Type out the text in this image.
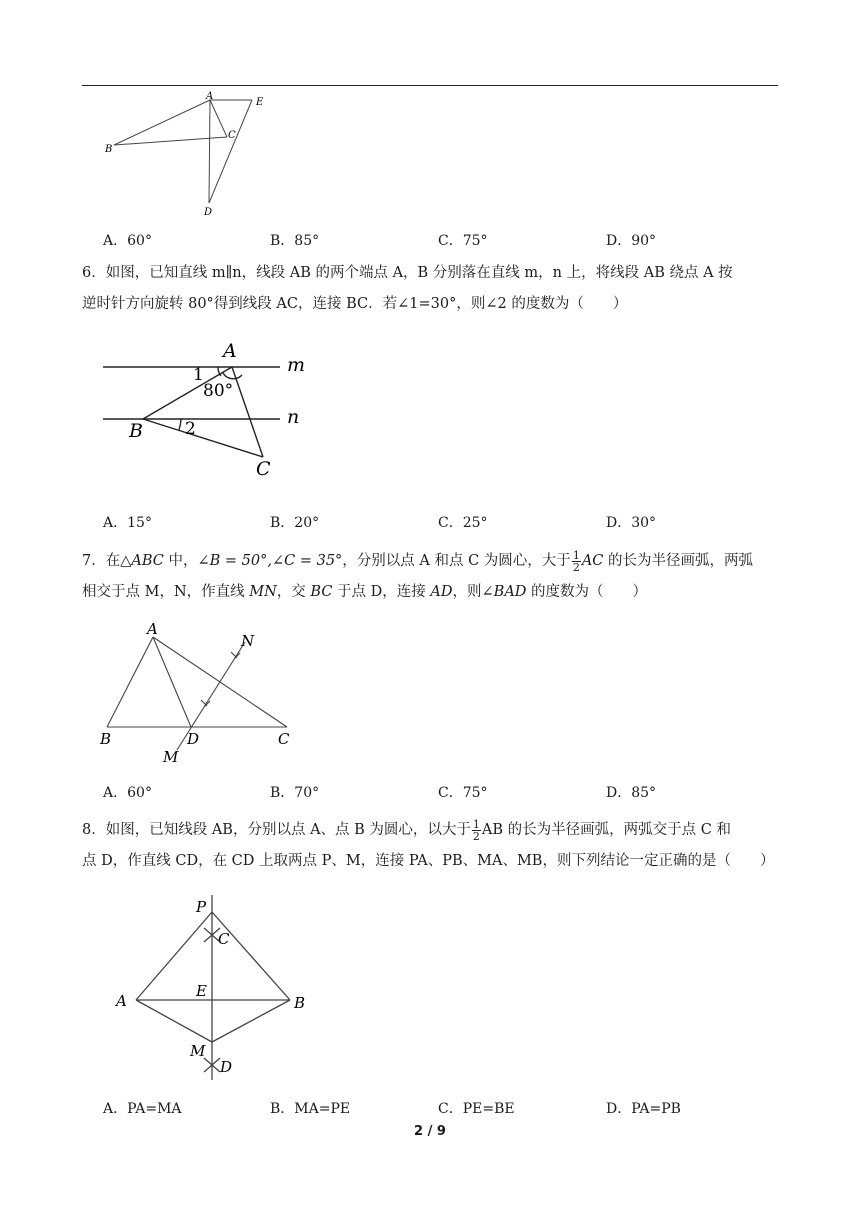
A
E
C
B
D
A．60°	B．85°	C．75°	D．90°
6．如图，已知直线 m∥n，线段 AB 的两个端点 A，B 分别落在直线 m，n 上，将线段 AB 绕点 A 按
逆时针方向旋转 80°得到线段 AC，连接 BC．若∠1=30°，则∠2 的度数为（　　）
A
m
n
B
C
1
80°
2
A．15°	B．20°	C．25°	D．30°
7．在△ABC 中，∠B = 50°,∠C = 35°，分别以点 A 和点 C 为圆心，大于 $\frac{1}{2}$ AC 的长为半径画弧，两弧
相交于点 M，N，作直线 MN，交 BC 于点 D，连接 AD，则∠BAD 的度数为（　　）
A
N
B	D	C
M
A．60°	B．70°	C．75°	D．85°
8．如图，已知线段 AB，分别以点 A、点 B 为圆心，以大于 $\frac{1}{2}$ AB 的长为半径画弧，两弧交于点 C 和
点 D，作直线 CD，在 CD 上取两点 P、M，连接 PA、PB、MA、MB，则下列结论一定正确的是（　　）
P
C
E
A	B
M
D
A．PA=MA	B．MA=PE	C．PE=BE	D．PA=PB
2 / 9
